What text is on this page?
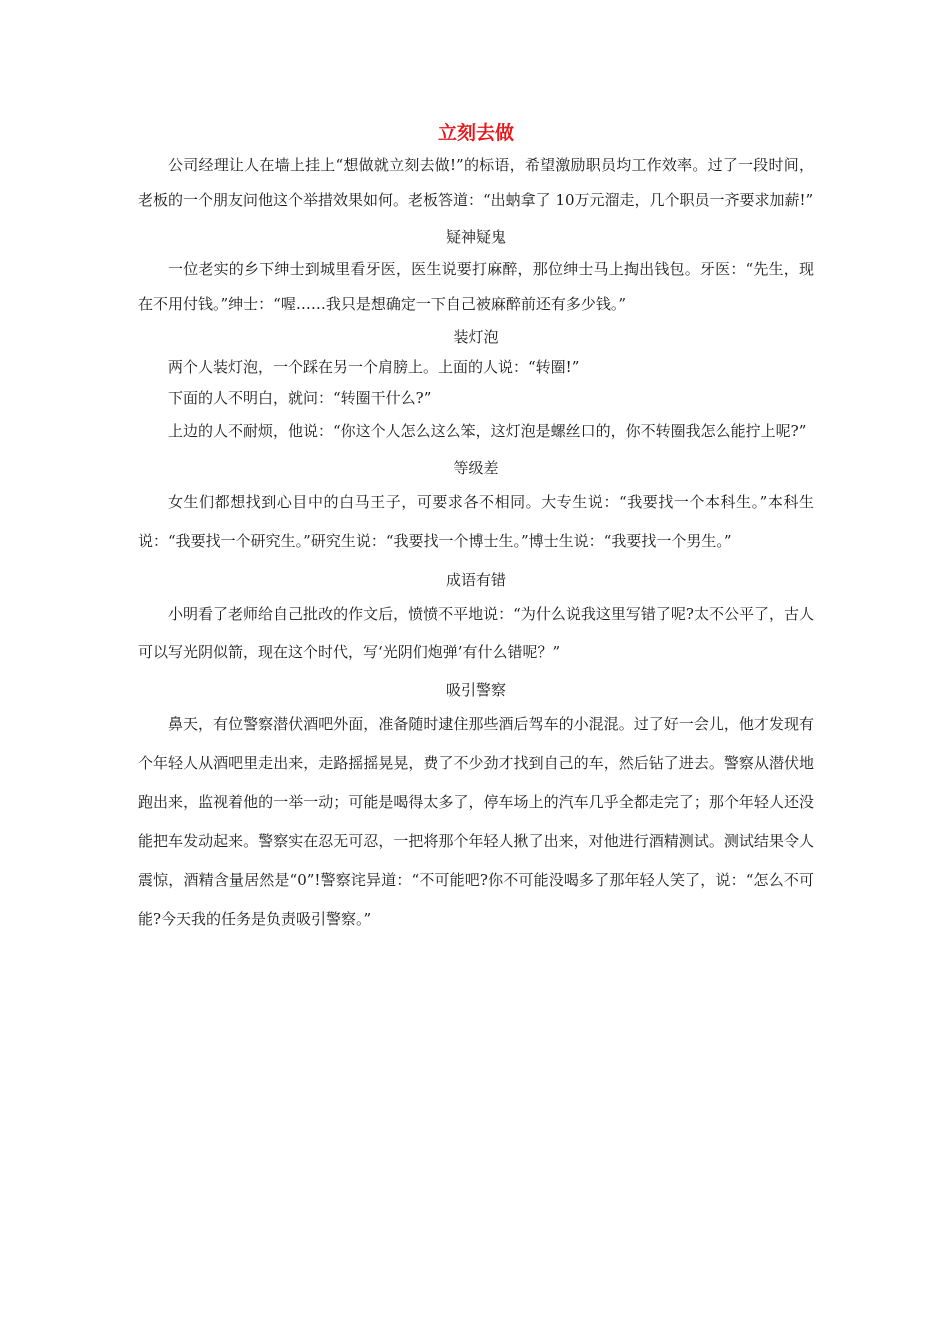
立刻去做

公司经理让人在墙上挂上“想做就立刻去做!”的标语，希望激励职员均工作效率。过了一段时间，老板的一个朋友问他这个举措效果如何。老板答道：“出蚋拿了 10万元溜走，几个职员一齐要求加薪!”

疑神疑鬼

一位老实的乡下绅士到城里看牙医，医生说要打麻醉，那位绅士马上掏出钱包。牙医：“先生，现在不用付钱。”绅士：“喔……我只是想确定一下自己被麻醉前还有多少钱。”

装灯泡

两个人装灯泡，一个踩在另一个肩膀上。上面的人说：“转圈!”

下面的人不明白，就问：“转圈干什么?”

上边的人不耐烦，他说：“你这个人怎么这么笨，这灯泡是螺丝口的，你不转圈我怎么能拧上呢?”

等级差

女生们都想找到心目中的白马王子，可要求各不相同。大专生说：“我要找一个本科生。”本科生说：“我要找一个研究生。”研究生说：“我要找一个博士生。”博士生说：“我要找一个男生。”

成语有错

小明看了老师给自己批改的作文后，愤愤不平地说：“为什么说我这里写错了呢?太不公平了，古人可以写光阴似箭，现在这个时代，写‘光阴们炮弹’有什么错呢？”

吸引警察

鼻天，有位警察潜伏酒吧外面，准备随时逮住那些酒后驾车的小混混。过了好一会儿，他才发现有个年轻人从酒吧里走出来，走路摇摇晃晃，费了不少劲才找到自己的车，然后钻了进去。警察从潜伏地跑出来，监视着他的一举一动；可能是喝得太多了，停车场上的汽车几乎全都走完了；那个年轻人还没能把车发动起来。警察实在忍无可忍，一把将那个年轻人揪了出来，对他进行酒精测试。测试结果令人震惊，酒精含量居然是“0”!警察诧异道：“不可能吧?你不可能没喝多了那年轻人笑了，说：“怎么不可能?今天我的任务是负责吸引警察。”
